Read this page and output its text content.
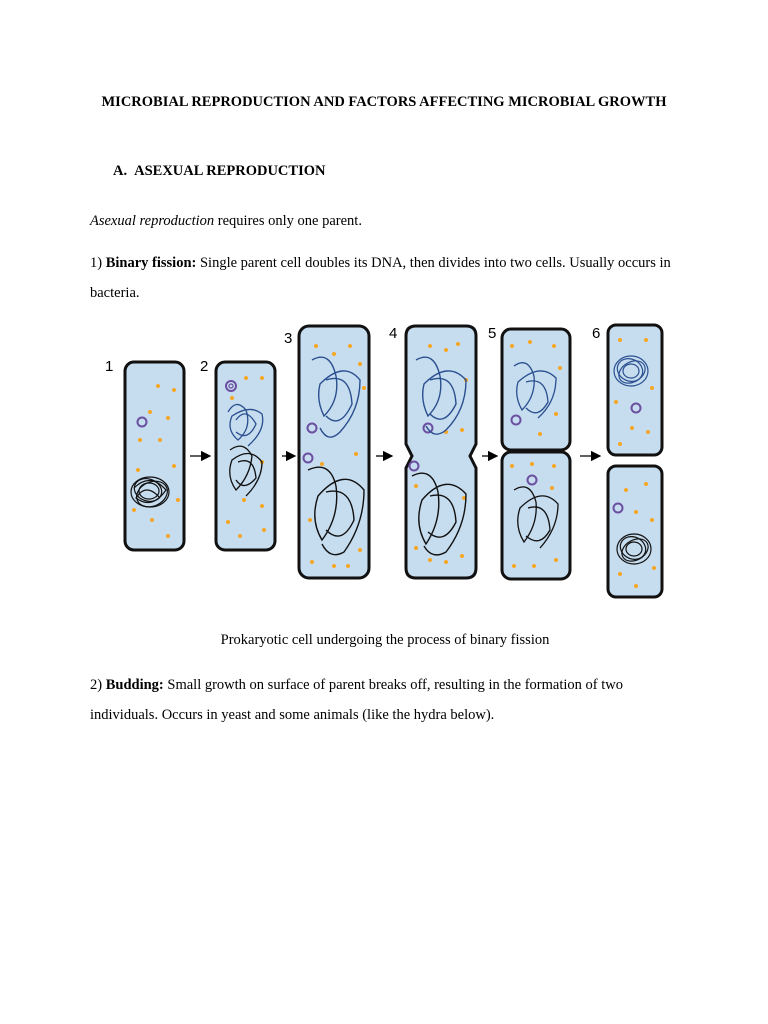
MICROBIAL REPRODUCTION AND FACTORS AFFECTING MICROBIAL GROWTH
A. ASEXUAL REPRODUCTION
Asexual reproduction requires only one parent.
1) Binary fission: Single parent cell doubles its DNA, then divides into two cells. Usually occurs in bacteria.
1	2
3	4	5	6
Prokaryotic cell undergoing the process of binary fission
2) Budding: Small growth on surface of parent breaks off, resulting in the formation of two individuals. Occurs in yeast and some animals (like the hydra below).
